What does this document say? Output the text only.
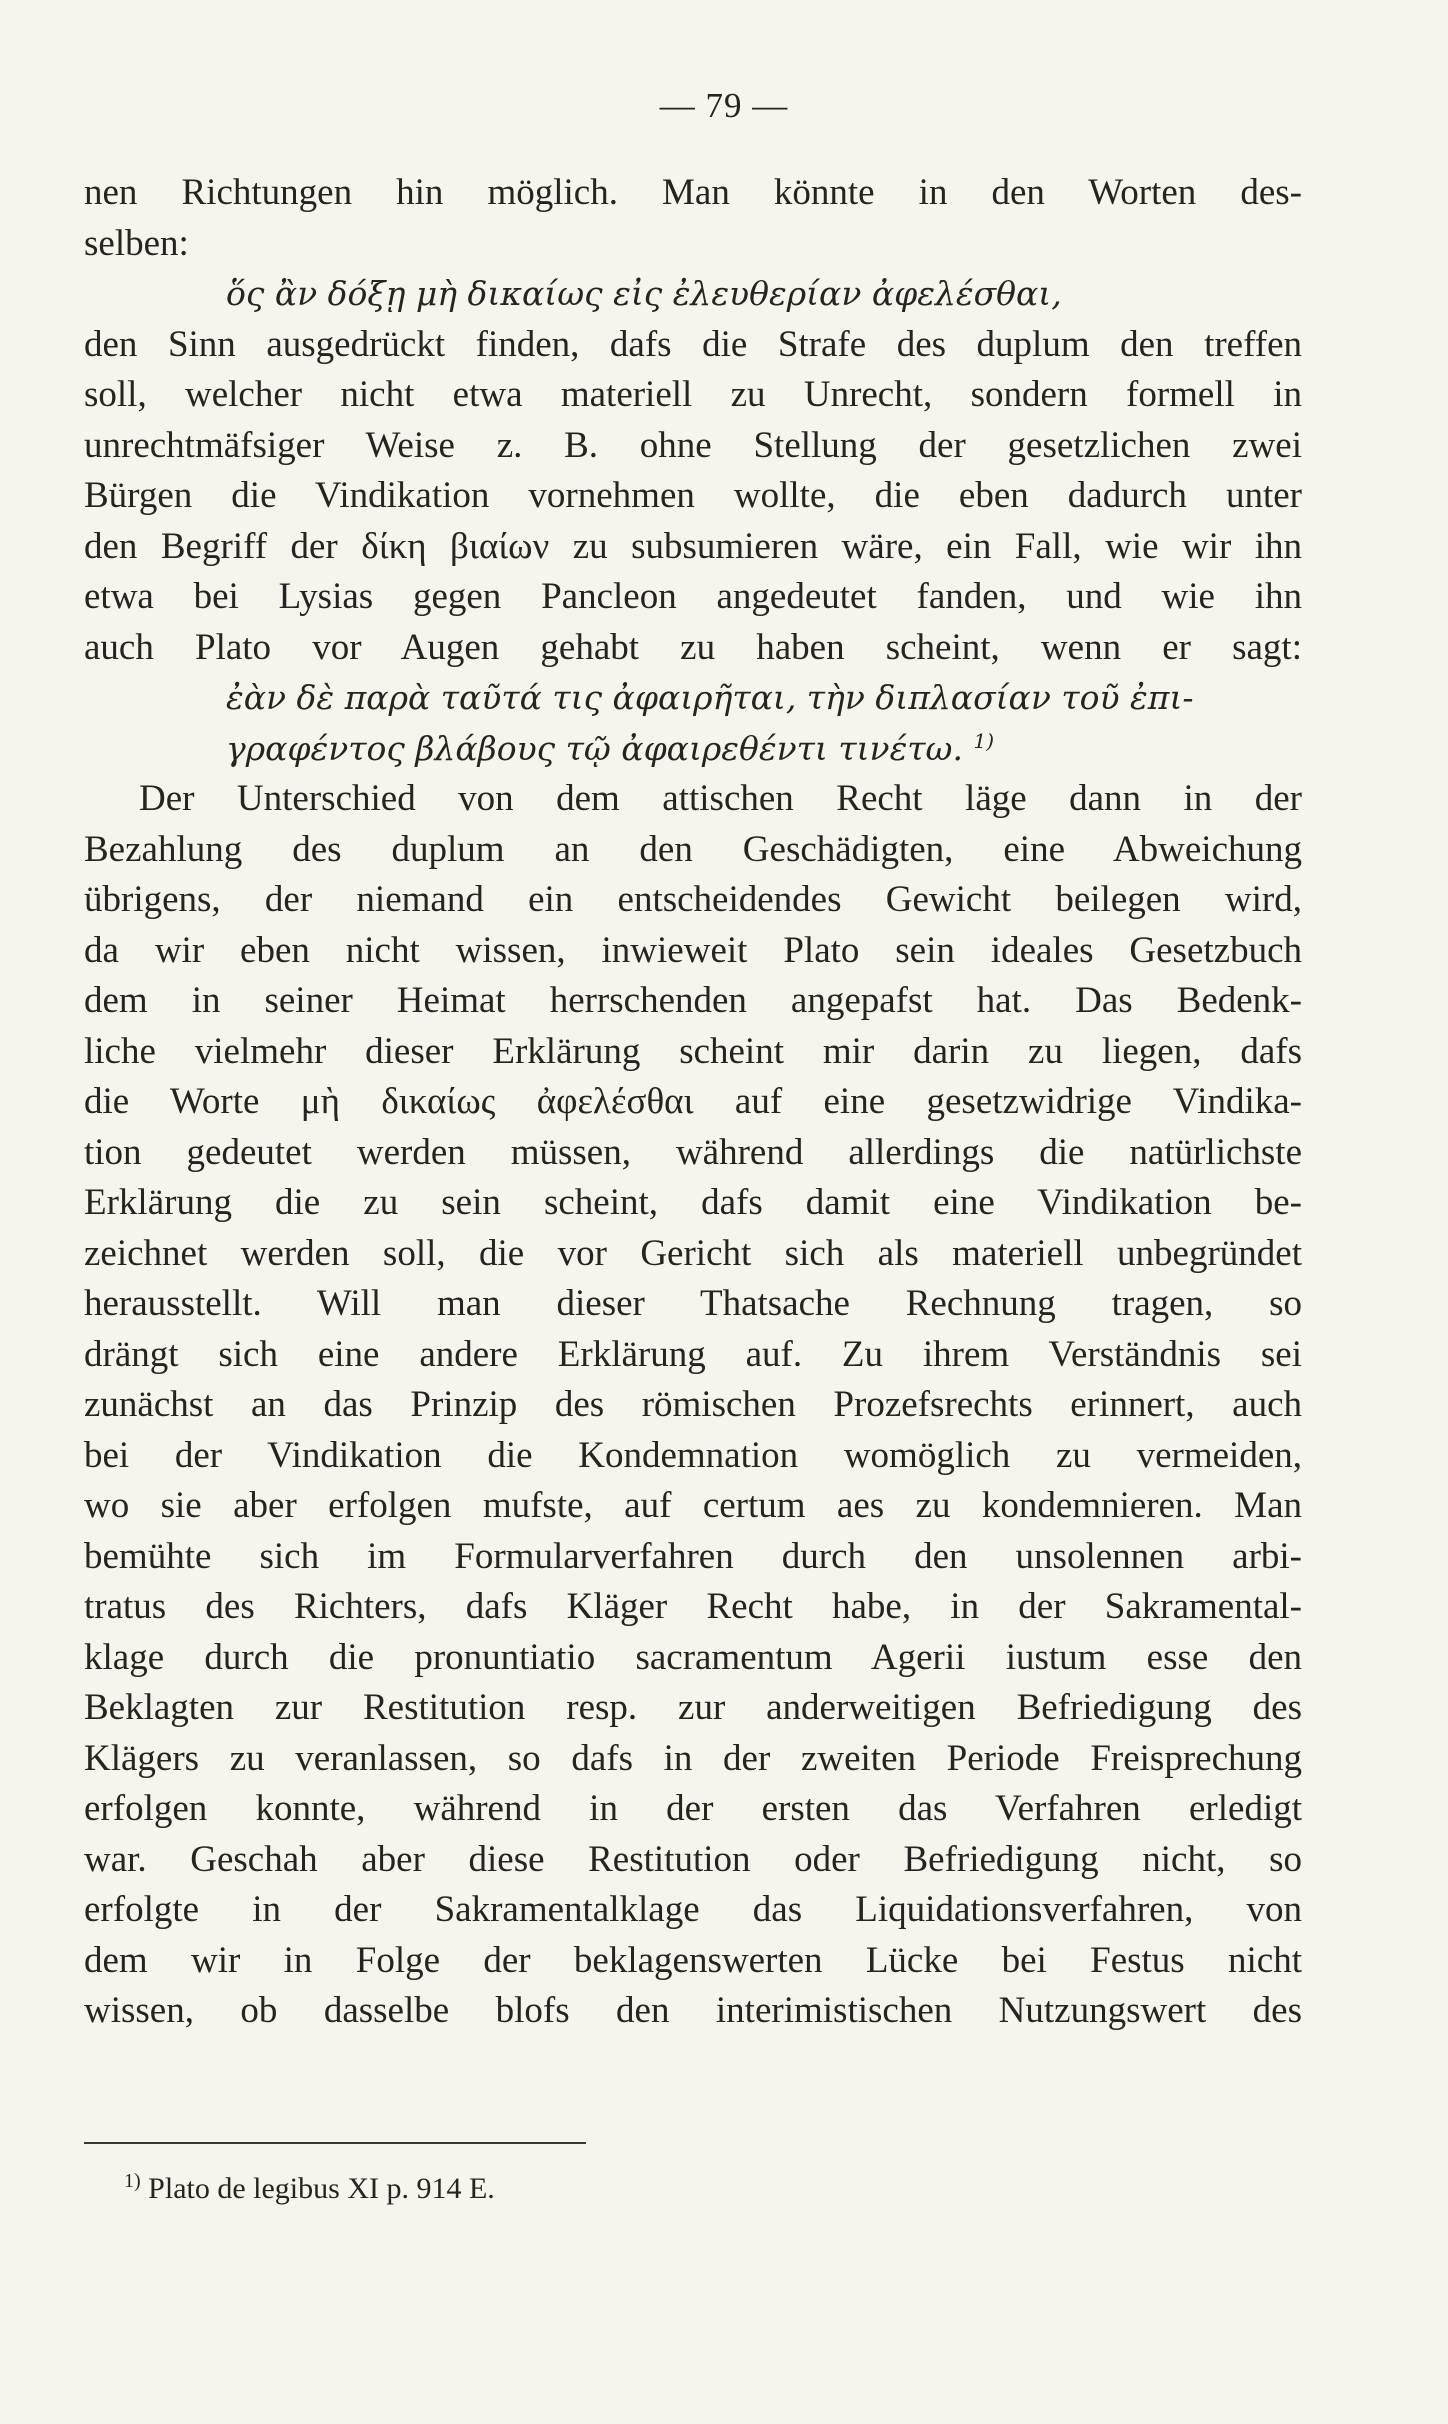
— 79 —
nen Richtungen hin möglich. Man könnte in den Worten des-
selben:
ὅς ἂν δόξῃ μὴ δικαίως εἰς ἐλευθερίαν ἀφελέσθαι,
den Sinn ausgedrückt finden, dafs die Strafe des duplum den treffen
soll, welcher nicht etwa materiell zu Unrecht, sondern formell in
unrechtmäfsiger Weise z. B. ohne Stellung der gesetzlichen zwei
Bürgen die Vindikation vornehmen wollte, die eben dadurch unter
den Begriff der δίκη βιαίων zu subsumieren wäre, ein Fall, wie wir ihn
etwa bei Lysias gegen Pancleon angedeutet fanden, und wie ihn
auch Plato vor Augen gehabt zu haben scheint, wenn er sagt:
ἐὰν δὲ παρὰ ταῦτά τις ἀφαιρῆται, τὴν διπλασίαν τοῦ ἐπι-
γραφέντος βλάβους τῷ ἀφαιρεθέντι τινέτω. $^{1)}$
Der Unterschied von dem attischen Recht läge dann in der
Bezahlung des duplum an den Geschädigten, eine Abweichung
übrigens, der niemand ein entscheidendes Gewicht beilegen wird,
da wir eben nicht wissen, inwieweit Plato sein ideales Gesetzbuch
dem in seiner Heimat herrschenden angepafst hat. Das Bedenk-
liche vielmehr dieser Erklärung scheint mir darin zu liegen, dafs
die Worte μὴ δικαίως ἀφελέσθαι auf eine gesetzwidrige Vindika-
tion gedeutet werden müssen, während allerdings die natürlichste
Erklärung die zu sein scheint, dafs damit eine Vindikation be-
zeichnet werden soll, die vor Gericht sich als materiell unbegründet
herausstellt. Will man dieser Thatsache Rechnung tragen, so
drängt sich eine andere Erklärung auf. Zu ihrem Verständnis sei
zunächst an das Prinzip des römischen Prozefsrechts erinnert, auch
bei der Vindikation die Kondemnation womöglich zu vermeiden,
wo sie aber erfolgen mufste, auf certum aes zu kondemnieren. Man
bemühte sich im Formularverfahren durch den unsolennen arbi-
tratus des Richters, dafs Kläger Recht habe, in der Sakramental-
klage durch die pronuntiatio sacramentum Agerii iustum esse den
Beklagten zur Restitution resp. zur anderweitigen Befriedigung des
Klägers zu veranlassen, so dafs in der zweiten Periode Freisprechung
erfolgen konnte, während in der ersten das Verfahren erledigt
war. Geschah aber diese Restitution oder Befriedigung nicht, so
erfolgte in der Sakramentalklage das Liquidationsverfahren, von
dem wir in Folge der beklagenswerten Lücke bei Festus nicht
wissen, ob dasselbe blofs den interimistischen Nutzungswert des
$^{1)}$ Plato de legibus XI p. 914 E.
